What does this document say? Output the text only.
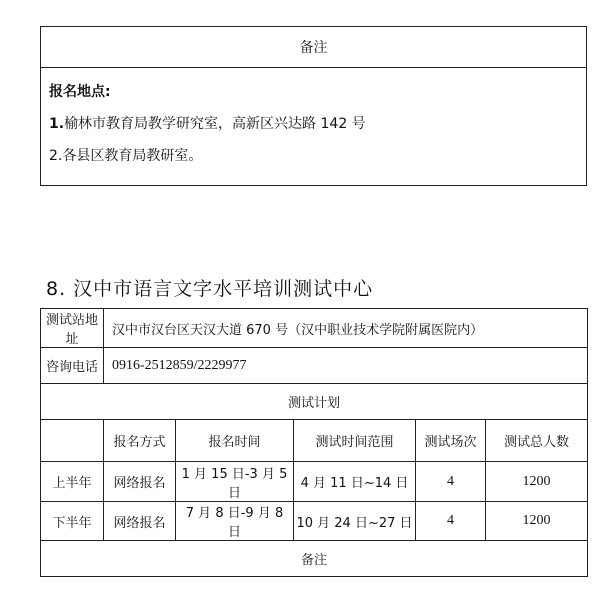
备注
报名地点:
1.榆林市教育局教学研究室，高新区兴达路 142 号
2.各县区教育局教研室。
8. 汉中市语言文字水平培训测试中心
测试站地址	汉中市汉台区天汉大道 670 号（汉中职业技术学院附属医院内）				
咨询电话	0916-2512859/2229977				
测试计划					
	报名方式	报名时间	测试时间范围	测试场次	测试总人数
上半年	网络报名	1 月 15 日-3 月 5 日	4 月 11 日~14 日	4	1200
下半年	网络报名	7 月 8 日-9 月 8 日	10 月 24 日~27 日	4	1200
备注					
